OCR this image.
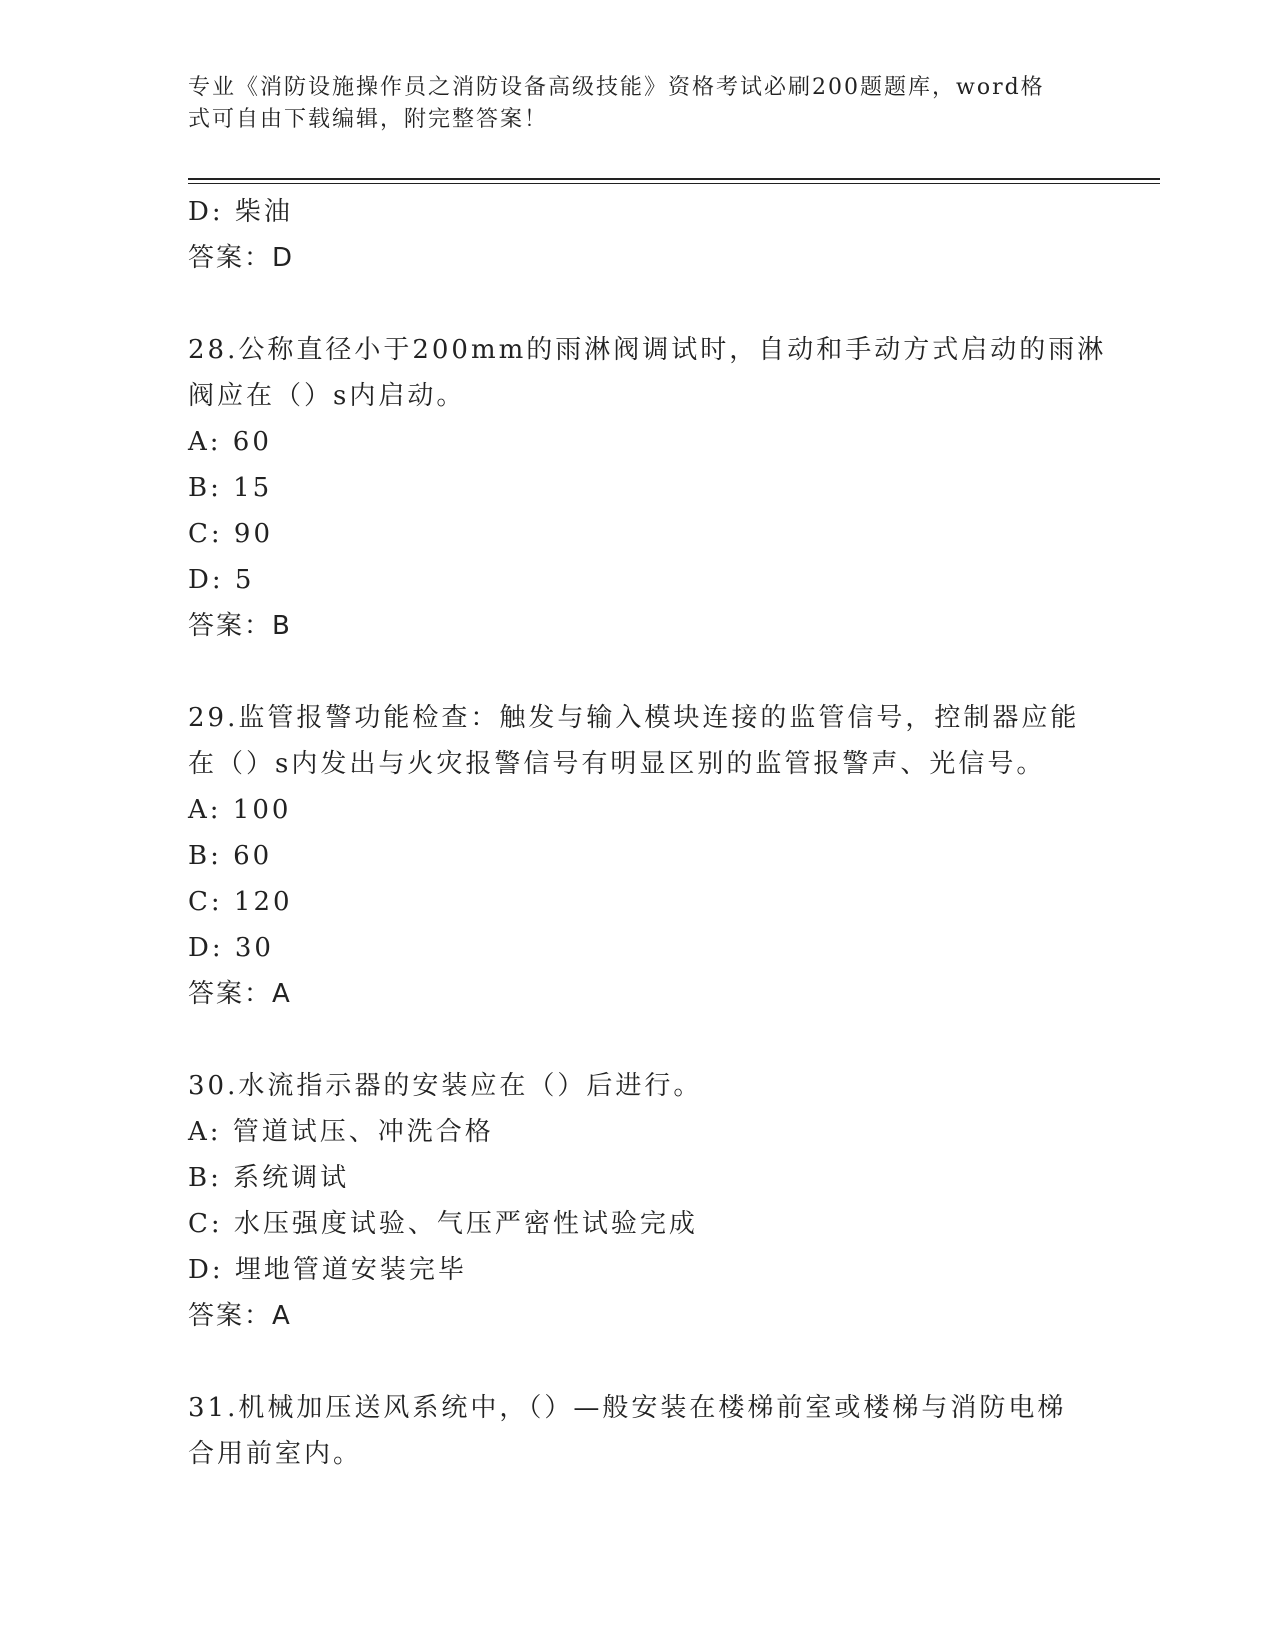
专业《消防设施操作员之消防设备高级技能》资格考试必刷200题题库，word格
式可自由下载编辑，附完整答案！
D: 柴油
答案：D
28.公称直径小于200mm的雨淋阀调试时，自动和手动方式启动的雨淋
阀应在（）s内启动。
A: 60
B: 15
C: 90
D: 5
答案：B
29.监管报警功能检查：触发与输入模块连接的监管信号，控制器应能
在（）s内发出与火灾报警信号有明显区别的监管报警声、光信号。
A: 100
B: 60
C: 120
D: 30
答案：A
30.水流指示器的安装应在（）后进行。
A: 管道试压、冲洗合格
B: 系统调试
C: 水压强度试验、气压严密性试验完成
D: 埋地管道安装完毕
答案：A
31.机械加压送风系统中，（）—般安装在楼梯前室或楼梯与消防电梯
合用前室内。
